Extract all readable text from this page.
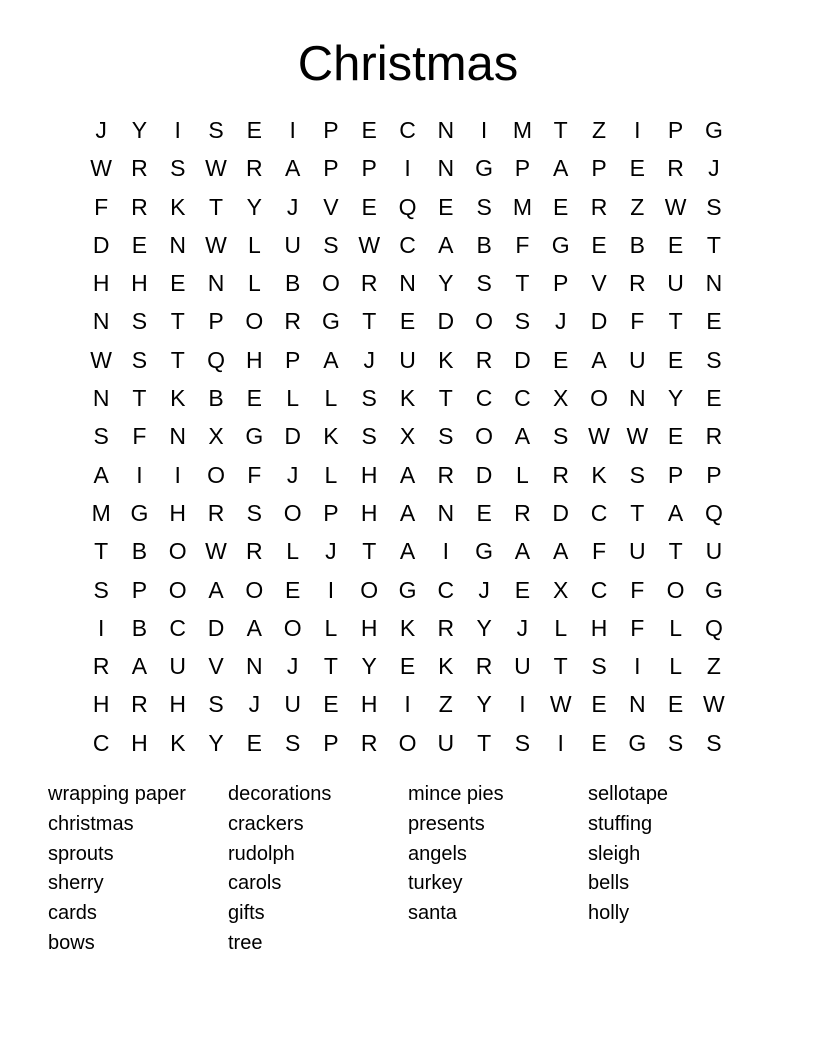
Christmas
J	Y	I	S E	I	P E C N	I	M T	Z	I	P G
W R S W R A P P	I	N G P A P E R	J
F R K	T	Y	J	V E Q E S M E R Z W S
D E N W L	U S W C A B	F G E B E	T
H H E N	L	B O R N Y S	T	P V R U N
N S	T	P O R G T	E D O S	J	D F	T	E
W S	T Q H P A	J	U K R D E A U E S
N T	K B E	L	L	S K	T C C X O N Y E
S	F N X G D K S X S O A S W W E R
A	I	I	O F	J	L	H A R D	L	R K S P P
M G H R S O P H A N E R D C T	A Q
T	B O W R	L	J	T	A	I	G A A	F U T U
S P O A O E	I	O G C	J	E X C F O G
I	B C D A O L	H K R Y	J	L	H F	L Q
R A U V N	J	T	Y E K R U T	S	I	L	Z
H R H S	J	U E H	I	Z	Y	I	W E N E W
C H K Y E S P R O U T	S	I	E G S S
wrapping paper
christmas
sprouts
sherry
cards
bows
decorations
crackers
rudolph
carols
gifts
tree
mince pies
presents
angels
turkey
santa
sellotape
stuffing
sleigh
bells
holly
